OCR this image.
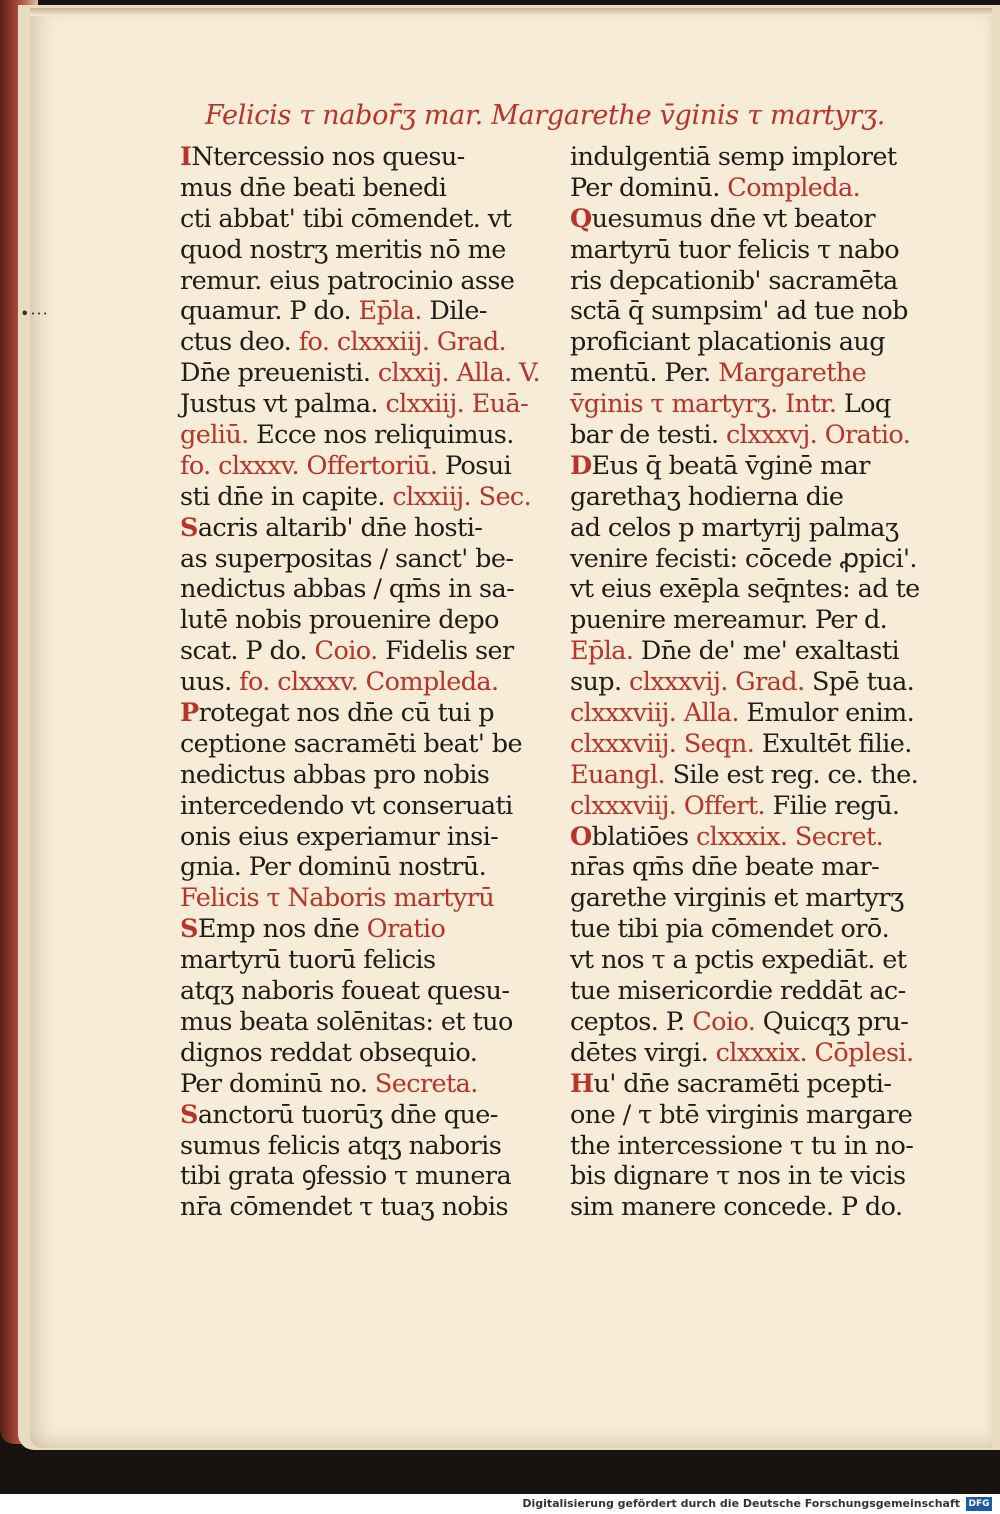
•···
Felicis τ nabor̄ʒ mar. Margarethe v̄ginis τ martyrʒ.
INtercessio nos quesu-
mus dn̄e beati benedi
cti abbat' tibi cōmendet. vt
quod nostrʒ meritis nō me
remur. eius patrocinio asse
quamur. P do. Ep̄la. Dile-
ctus deo. fo. clxxxiij. Grad.
Dn̄e preuenisti. clxxij. Alla. V.
Justus vt palma. clxxiij. Euā-
geliū. Ecce nos reliquimus.
fo. clxxxv. Offertoriū. Posui
sti dn̄e in capite. clxxiij. Sec.
Sacris altarib' dn̄e hosti-
as superpositas / sanct' be-
nedictus abbas / qm̄s in sa-
lutē nobis prouenire depo
scat. P do. Coio. Fidelis ser
uus. fo. clxxxv. Compleda.
Protegat nos dn̄e cū tui p
ceptione sacramēti beat' be
nedictus abbas pro nobis
intercedendo vt conseruati
onis eius experiamur insi-
gnia. Per dominū nostrū.
Felicis τ Naboris martyrū
SEmp nos dn̄e Oratio
martyrū tuorū felicis
atqʒ naboris foueat quesu-
mus beata solēnitas: et tuo
dignos reddat obsequio.
Per dominū no. Secreta.
Sanctorū tuorūʒ dn̄e que-
sumus felicis atqʒ naboris
tibi grata ꝯfessio τ munera
nr̄a cōmendet τ tuaʒ nobis
indulgentiā semp imploret
Per dominū. Compleda.
Quesumus dn̄e vt beator
martyrū tuor felicis τ nabo
ris depcationib' sacramēta
sctā q̄ sumpsim' ad tue nob
proficiant placationis aug
mentū. Per. Margarethe
v̄ginis τ martyrʒ. Intr. Loq
bar de testi. clxxxvj. Oratio.
DEus q̄ beatā v̄ginē mar
garethaʒ hodierna die
ad celos p martyrij palmaʒ
venire fecisti: cōcede ꝓpici'.
vt eius exēpla seq̄ntes: ad te
puenire mereamur. Per d.
Ep̄la. Dn̄e de' me' exaltasti
sup. clxxxvij. Grad. Spē tua.
clxxxviij. Alla. Emulor enim.
clxxxviij. Seqn. Exultēt filie.
Euangl. Sile est reg. ce. the.
clxxxviij. Offert. Filie regū.
Oblatiōes clxxxix. Secret.
nr̄as qm̄s dn̄e beate mar-
garethe virginis et martyrʒ
tue tibi pia cōmendet orō.
vt nos τ a pctis expediāt. et
tue misericordie reddāt ac-
ceptos. P. Coio. Quicqʒ pru-
dētes virgi. clxxxix. Cōplesi.
Hu' dn̄e sacramēti pcepti-
one / τ btē virginis margare
the intercessione τ tu in no-
bis dignare τ nos in te vicis
sim manere concede. P do.
Digitalisierung gefördert durch die Deutsche Forschungsgemeinschaft DFG
